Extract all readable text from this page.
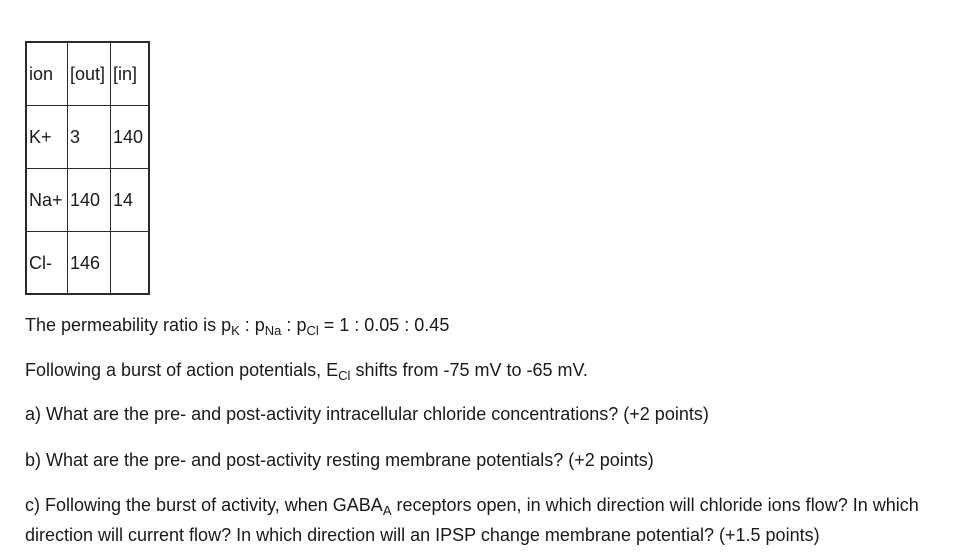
ion	[out]	[in]
K+	3	140
Na+	140	14
Cl-	146	
The permeability ratio is $p_K$ : $p_{Na}$ : $p_{Cl} = 1$ : 0.05 : 0.45
Following a burst of action potentials, $E_{Cl}$ shifts from -75 mV to -65 mV.
a) What are the pre- and post-activity intracellular chloride concentrations? (+2 points)
b) What are the pre- and post-activity resting membrane potentials? (+2 points)
c) Following the burst of activity, when $GABA_A$ receptors open, in which direction will chloride ions flow? In which direction will current flow? In which direction will an IPSP change membrane potential? (+1.5 points)
